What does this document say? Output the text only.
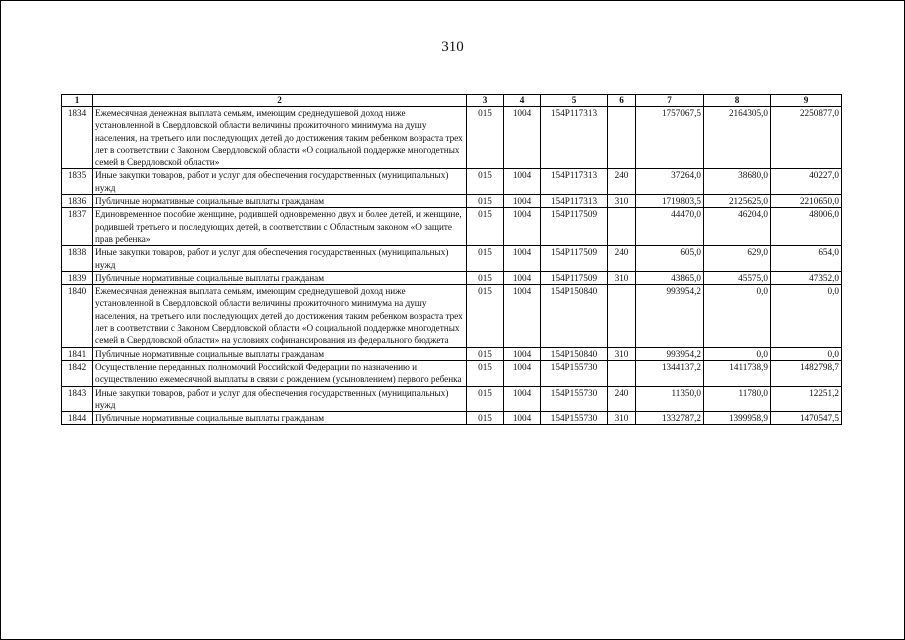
310
1	2	3	4	5	6	7	8	9
1834	Ежемесячная денежная выплата семьям, имеющим среднедушевой доход ниже установленной в Свердловской области величины прожиточного минимума на душу населения, на третьего или последующих детей до достижения таким ребенком возраста трех лет в соответствии с Законом Свердловской области «О социальной поддержке многодетных семей в Свердловской области»	015	1004	154P117313		1757067,5	2164305,0	2250877,0
1835	Иные закупки товаров, работ и услуг для обеспечения государственных (муниципальных) нужд	015	1004	154P117313	240	37264,0	38680,0	40227,0
1836	Публичные нормативные социальные выплаты гражданам	015	1004	154P117313	310	1719803,5	2125625,0	2210650,0
1837	Единовременное пособие женщине, родившей одновременно двух и более детей, и женщине, родившей третьего и последующих детей, в соответствии с Областным законом «О защите прав ребенка»	015	1004	154P117509		44470,0	46204,0	48006,0
1838	Иные закупки товаров, работ и услуг для обеспечения государственных (муниципальных) нужд	015	1004	154P117509	240	605,0	629,0	654,0
1839	Публичные нормативные социальные выплаты гражданам	015	1004	154P117509	310	43865,0	45575,0	47352,0
1840	Ежемесячная денежная выплата семьям, имеющим среднедушевой доход ниже установленной в Свердловской области величины прожиточного минимума на душу населения, на третьего или последующих детей до достижения таким ребенком возраста трех лет в соответствии с Законом Свердловской области «О социальной поддержке многодетных семей в Свердловской области» на условиях софинансирования из федерального бюджета	015	1004	154P150840		993954,2	0,0	0,0
1841	Публичные нормативные социальные выплаты гражданам	015	1004	154P150840	310	993954,2	0,0	0,0
1842	Осуществление переданных полномочий Российской Федерации по назначению и осуществлению ежемесячной выплаты в связи с рождением (усыновлением) первого ребенка	015	1004	154P155730		1344137,2	1411738,9	1482798,7
1843	Иные закупки товаров, работ и услуг для обеспечения государственных (муниципальных) нужд	015	1004	154P155730	240	11350,0	11780,0	12251,2
1844	Публичные нормативные социальные выплаты гражданам	015	1004	154P155730	310	1332787,2	1399958,9	1470547,5
